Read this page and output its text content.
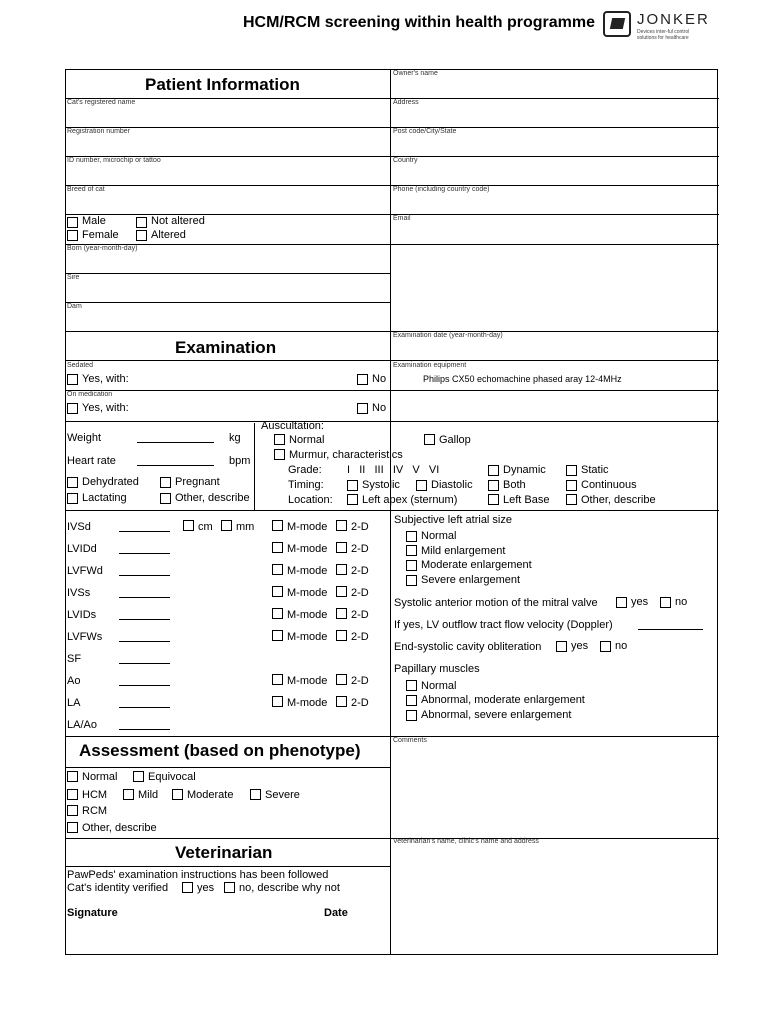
HCM/RCM screening within health programme	JONKER
Devices inter-ful control
solutions for healthcare
Patient Information
Cat's registered name
Registration number
ID number, microchip or tattoo
Breed of cat
Male	Not altered
Female	Altered
Born (year-month-day)
Sire
Dam
Owner's name
Address
Post code/City/State
Country
Phone (including country code)
Email
Examination
Examination date (year-month-day)
Sedated
Yes, with:	No
Examination equipment
Philips CX50 echomachine phased aray 12-4MHz
On medication
Yes, with:	No
Weight	kg
Heart rate	bpm
Dehydrated	Pregnant
Lactating	Other, describe
Auscultation:
Normal	Gallop
Murmur, characteristics
Grade: I   II   III   IV   V   VI	Dynamic	Static
Timing:	Systolic	Diastolic	Both	Continuous
Location:	Left apex (sternum)	Left Base	Other, describe
IVSd	cm mm	M-mode 2-D
LVIDd	M-mode 2-D
LVFWd	M-mode 2-D
IVSs	M-mode 2-D
LVIDs	M-mode 2-D
LVFWs	M-mode 2-D
SF
Ao	M-mode 2-D
LA	M-mode 2-D
LA/Ao
Subjective left atrial size
Normal
Mild enlargement
Moderate enlargement
Severe enlargement
Systolic anterior motion of the mitral valve	yes no
If yes, LV outflow tract flow velocity (Doppler)
End-systolic cavity obliteration	yes no
Papillary muscles
Normal
Abnormal, moderate enlargement
Abnormal, severe enlargement
Assessment (based on phenotype)
Comments
Normal	Equivocal
HCM	Mild	Moderate	Severe
RCM
Other, describe
Veterinarian
Veterinarian's name, clinic's name and address
PawPeds' examination instructions has been followed
Cat's identity verified	yes no, describe why not
Signature	Date
